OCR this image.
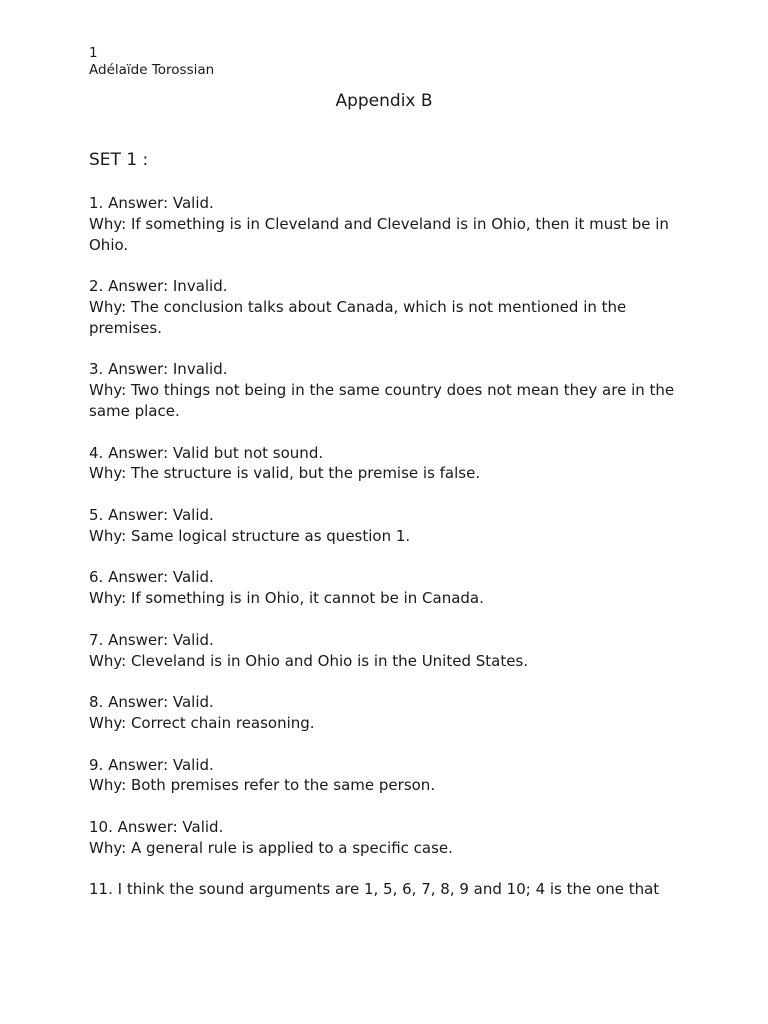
1
Adélaïde Torossian
Appendix B
SET 1 :

1. Answer: Valid.

Why: If something is in Cleveland and Cleveland is in Ohio, then it must be in Ohio.

2. Answer: Invalid.

Why: The conclusion talks about Canada, which is not mentioned in the premises.

3. Answer: Invalid.

Why: Two things not being in the same country does not mean they are in the same place.

4. Answer: Valid but not sound.

Why: The structure is valid, but the premise is false.

5. Answer: Valid.

Why: Same logical structure as question 1.

6. Answer: Valid.

Why: If something is in Ohio, it cannot be in Canada.

7. Answer: Valid.

Why: Cleveland is in Ohio and Ohio is in the United States.

8. Answer: Valid.

Why: Correct chain reasoning.

9. Answer: Valid.

Why: Both premises refer to the same person.

10. Answer: Valid.

Why: A general rule is applied to a specific case.

11. I think the sound arguments are 1, 5, 6, 7, 8, 9 and 10; 4 is the one that
